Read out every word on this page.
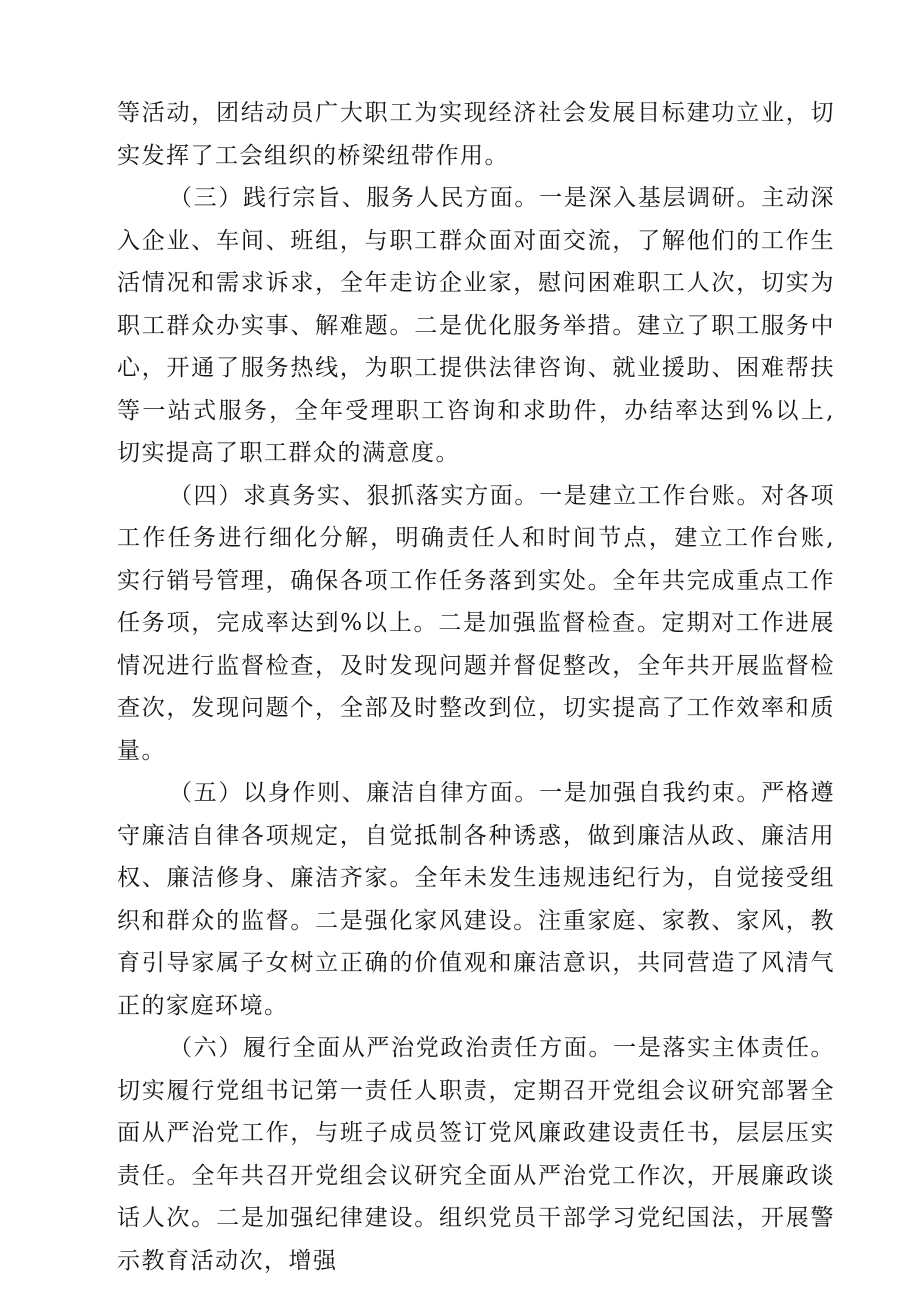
等活动，团结动员广大职工为实现经济社会发展目标建功立业，切实发挥了工会组织的桥梁纽带作用。

（三）践行宗旨、服务人民方面。一是深入基层调研。主动深入企业、车间、班组，与职工群众面对面交流，了解他们的工作生活情况和需求诉求，全年走访企业家，慰问困难职工人次，切实为职工群众办实事、解难题。二是优化服务举措。建立了职工服务中心，开通了服务热线，为职工提供法律咨询、就业援助、困难帮扶等一站式服务，全年受理职工咨询和求助件，办结率达到%以上,切实提高了职工群众的满意度。

（四）求真务实、狠抓落实方面。一是建立工作台账。对各项工作任务进行细化分解，明确责任人和时间节点，建立工作台账,实行销号管理，确保各项工作任务落到实处。全年共完成重点工作任务项，完成率达到%以上。二是加强监督检查。定期对工作进展情况进行监督检查，及时发现问题并督促整改，全年共开展监督检查次，发现问题个，全部及时整改到位，切实提高了工作效率和质量。

（五）以身作则、廉洁自律方面。一是加强自我约束。严格遵守廉洁自律各项规定，自觉抵制各种诱惑，做到廉洁从政、廉洁用权、廉洁修身、廉洁齐家。全年未发生违规违纪行为，自觉接受组织和群众的监督。二是强化家风建设。注重家庭、家教、家风，教育引导家属子女树立正确的价值观和廉洁意识，共同营造了风清气正的家庭环境。

（六）履行全面从严治党政治责任方面。一是落实主体责任。切实履行党组书记第一责任人职责，定期召开党组会议研究部署全面从严治党工作，与班子成员签订党风廉政建设责任书，层层压实责任。全年共召开党组会议研究全面从严治党工作次，开展廉政谈话人次。二是加强纪律建设。组织党员干部学习党纪国法，开展警示教育活动次，增强
